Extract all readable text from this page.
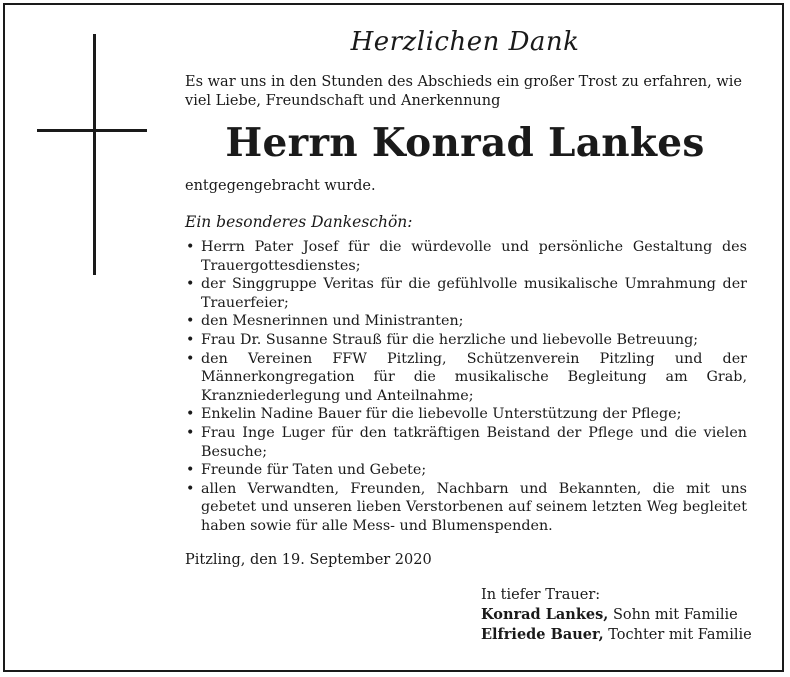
Herzlichen Dank
Es war uns in den Stunden des Abschieds ein großer Trost zu erfahren, wie viel Liebe, Freundschaft und Anerkennung
Herrn Konrad Lankes
entgegengebracht wurde.
Ein besonderes Dankeschön:
• Herrn Pater Josef für die würdevolle und persönliche Gestaltung des Trauergottesdienstes;
• der Singgruppe Veritas für die gefühlvolle musikalische Umrahmung der Trauerfeier;
• den Mesnerinnen und Ministranten;
• Frau Dr. Susanne Strauß für die herzliche und liebevolle Betreuung;
• den Vereinen FFW Pitzling, Schützenverein Pitzling und der Männerkongregation für die musikalische Begleitung am Grab, Kranzniederlegung und Anteilnahme;
• Enkelin Nadine Bauer für die liebevolle Unterstützung der Pflege;
• Frau Inge Luger für den tatkräftigen Beistand der Pflege und die vielen Besuche;
• Freunde für Taten und Gebete;
• allen Verwandten, Freunden, Nachbarn und Bekannten, die mit uns gebetet und unseren lieben Verstorbenen auf seinem letzten Weg begleitet haben sowie für alle Mess- und Blumenspenden.
Pitzling, den 19. September 2020
In tiefer Trauer:
Konrad Lankes, Sohn mit Familie
Elfriede Bauer, Tochter mit Familie
